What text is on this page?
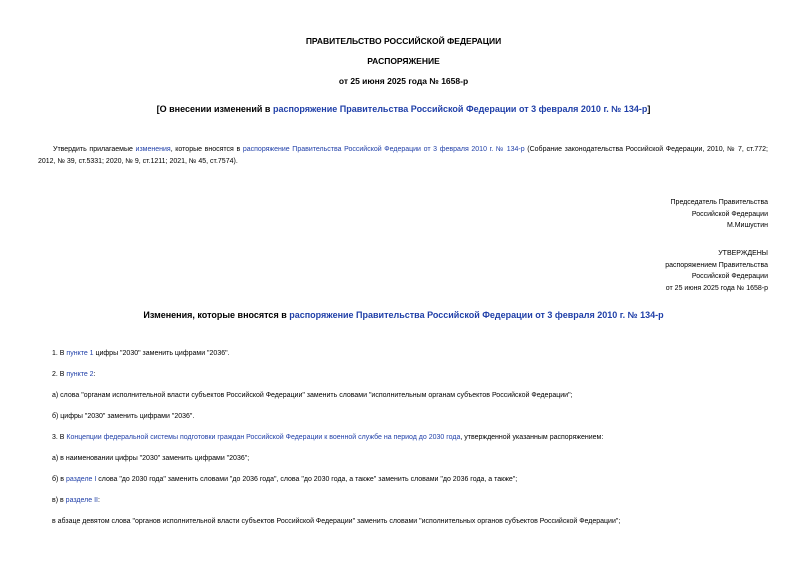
ПРАВИТЕЛЬСТВО РОССИЙСКОЙ ФЕДЕРАЦИИ
РАСПОРЯЖЕНИЕ
от 25 июня 2025 года № 1658-р
[О внесении изменений в распоряжение Правительства Российской Федерации от 3 февраля 2010 г. № 134-р]
Утвердить прилагаемые изменения, которые вносятся в распоряжение Правительства Российской Федерации от 3 февраля 2010 г. № 134-р (Собрание законодательства Российской Федерации, 2010, № 7, ст.772; 2012, № 39, ст.5331; 2020, № 9, ст.1211; 2021, № 45, ст.7574).
Председатель Правительства
Российской Федерации
М.Мишустин
УТВЕРЖДЕНЫ
распоряжением Правительства
Российской Федерации
от 25 июня 2025 года № 1658-р
Изменения, которые вносятся в распоряжение Правительства Российской Федерации от 3 февраля 2010 г. № 134-р
1. В пункте 1 цифры "2030" заменить цифрами "2036".
2. В пункте 2:
а) слова "органам исполнительной власти субъектов Российской Федерации" заменить словами "исполнительным органам субъектов Российской Федерации";
б) цифры "2030" заменить цифрами "2036".
3. В Концепции федеральной системы подготовки граждан Российской Федерации к военной службе на период до 2030 года, утвержденной указанным распоряжением:
а) в наименовании цифры "2030" заменить цифрами "2036";
б) в разделе I слова "до 2030 года" заменить словами "до 2036 года", слова "до 2030 года, а также" заменить словами "до 2036 года, а также";
в) в разделе II:
в абзаце девятом слова "органов исполнительной власти субъектов Российской Федерации" заменить словами "исполнительных органов субъектов Российской Федерации";
